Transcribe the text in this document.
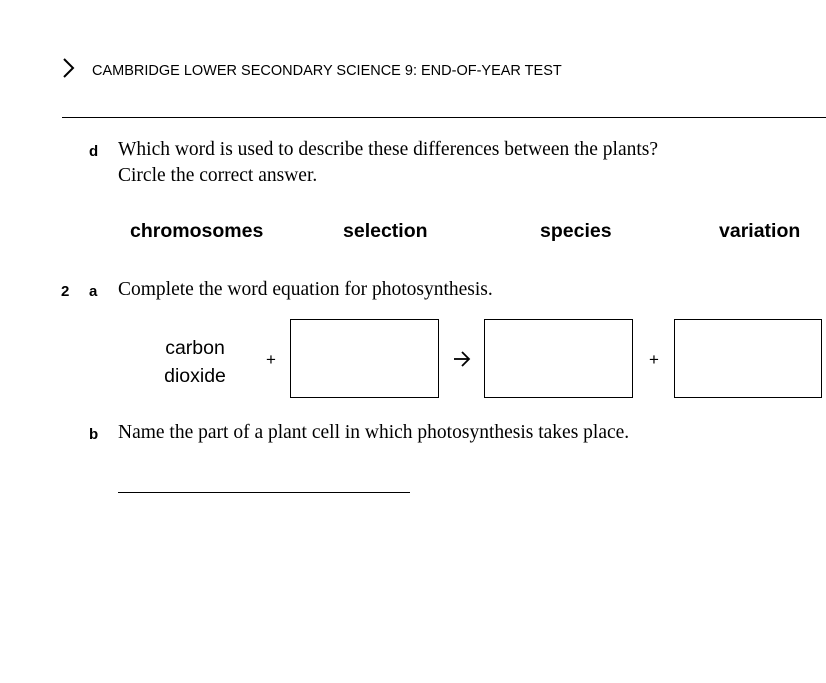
CAMBRIDGE LOWER SECONDARY SCIENCE 9: END-OF-YEAR TEST
d Which word is used to describe these differences between the plants?
Circle the correct answer.
chromosomes	selection	species	variation
2 a Complete the word equation for photosynthesis.
carbon
dioxide
+	+
b Name the part of a plant cell in which photosynthesis takes place.
